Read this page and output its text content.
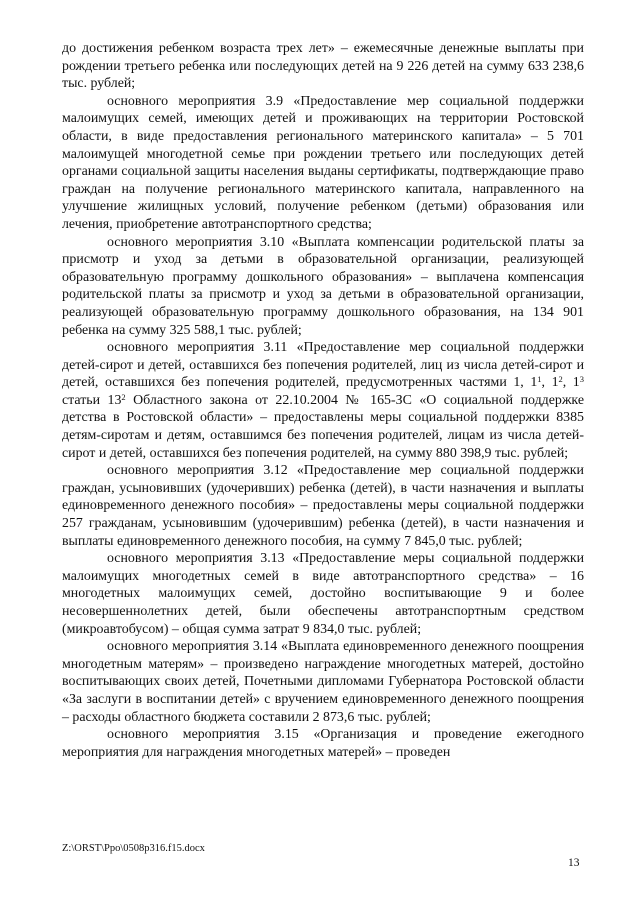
до достижения ребенком возраста трех лет» – ежемесячные денежные выплаты при рождении третьего ребенка или последующих детей на 9 226 детей на сумму 633 238,6 тыс. рублей;

основного мероприятия 3.9 «Предоставление мер социальной поддержки малоимущих семей, имеющих детей и проживающих на территории Ростовской области, в виде предоставления регионального материнского капитала» – 5 701 малоимущей многодетной семье при рождении третьего или последующих детей органами социальной защиты населения выданы сертификаты, подтверждающие право граждан на получение регионального материнского капитала, направленного на улучшение жилищных условий, получение ребенком (детьми) образования или лечения, приобретение автотранспортного средства;

основного мероприятия 3.10 «Выплата компенсации родительской платы за присмотр и уход за детьми в образовательной организации, реализующей образовательную программу дошкольного образования» – выплачена компенсация родительской платы за присмотр и уход за детьми в образовательной организации, реализующей образовательную программу дошкольного образования, на 134 901 ребенка на сумму 325 588,1 тыс. рублей;

основного мероприятия 3.11 «Предоставление мер социальной поддержки детей-сирот и детей, оставшихся без попечения родителей, лиц из числа детей-сирот и детей, оставшихся без попечения родителей, предусмотренных частями 1, $1^1$, $1^2$, $1^3$ статьи $13^2$ Областного закона от 22.10.2004 № 165-ЗС «О социальной поддержке детства в Ростовской области» – предоставлены меры социальной поддержки 8385 детям-сиротам и детям, оставшимся без попечения родителей, лицам из числа детей-сирот и детей, оставшихся без попечения родителей, на сумму 880 398,9 тыс. рублей;

основного мероприятия 3.12 «Предоставление мер социальной поддержки граждан, усыновивших (удочеривших) ребенка (детей), в части назначения и выплаты единовременного денежного пособия» – предоставлены меры социальной поддержки 257 гражданам, усыновившим (удочерившим) ребенка (детей), в части назначения и выплаты единовременного денежного пособия, на сумму 7 845,0 тыс. рублей;

основного мероприятия 3.13 «Предоставление меры социальной поддержки малоимущих многодетных семей в виде автотранспортного средства» – 16 многодетных малоимущих семей, достойно воспитывающие 9 и более несовершеннолетних детей, были обеспечены автотранспортным средством (микроавтобусом) – общая сумма затрат 9 834,0 тыс. рублей;

основного мероприятия 3.14 «Выплата единовременного денежного поощрения многодетным матерям» – произведено награждение многодетных матерей, достойно воспитывающих своих детей, Почетными дипломами Губернатора Ростовской области «За заслуги в воспитании детей» с вручением единовременного денежного поощрения – расходы областного бюджета составили 2 873,6 тыс. рублей;

основного мероприятия 3.15 «Организация и проведение ежегодного мероприятия для награждения многодетных матерей» – проведен

Z:\ORST\Ppo\0508p316.f15.docx
13
